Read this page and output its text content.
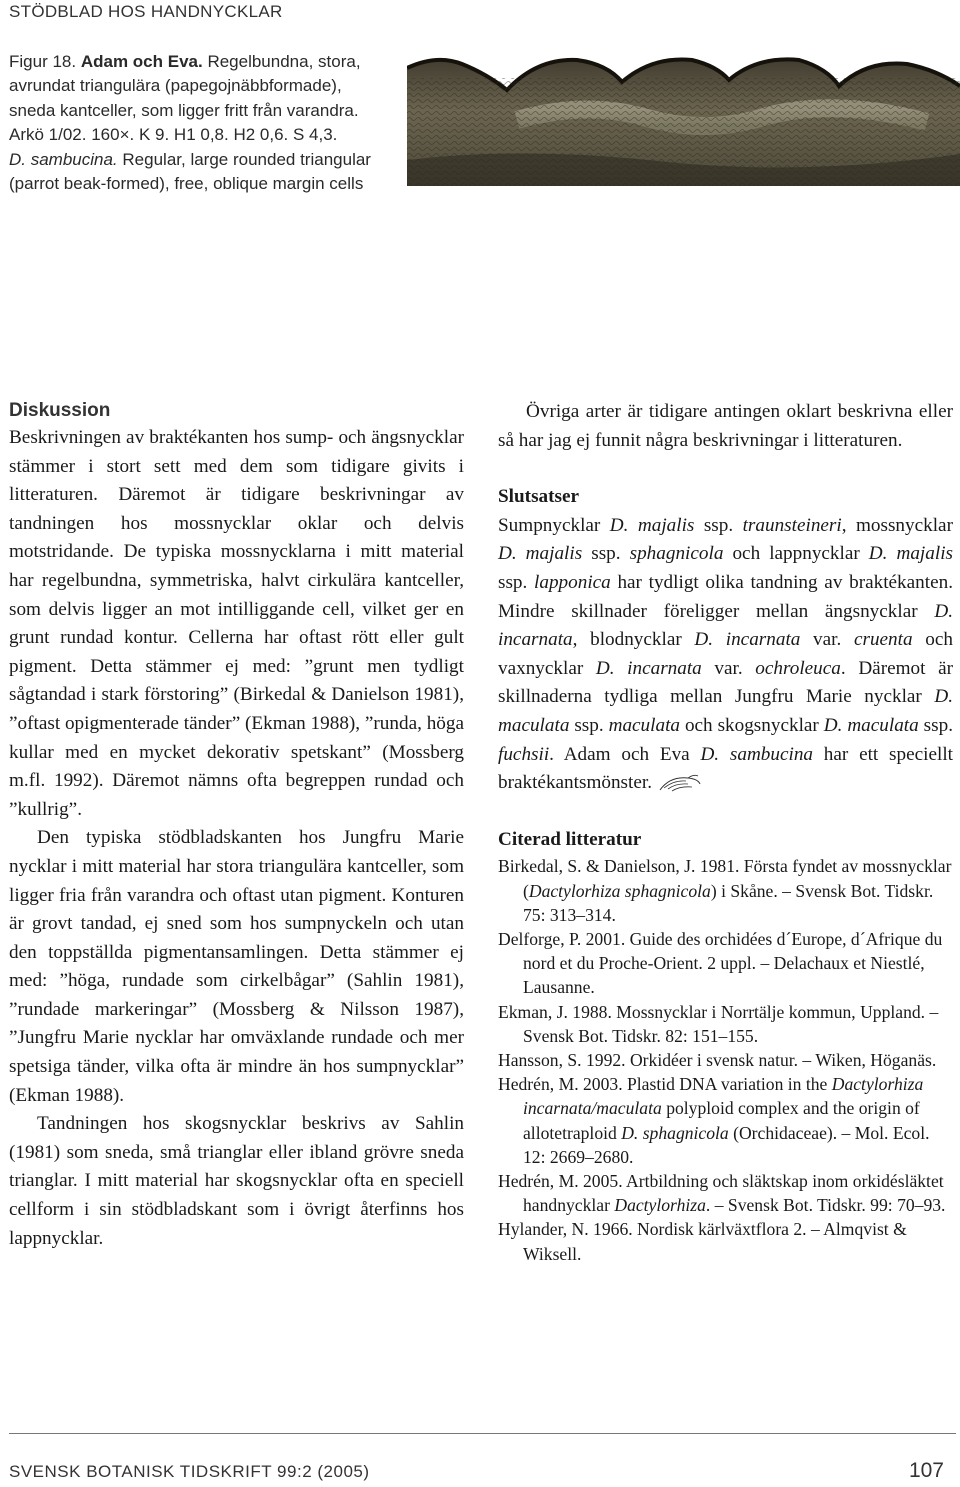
STÖDBLAD HOS HANDNYCKLAR

Figur 18. Adam och Eva. Regelbundna, stora, avrundat triangulära (papegojnäbbformade), sneda kantceller, som ligger fritt från varandra. Arkö 1/02. 160×. K 9. H1 0,8. H2 0,6. S 4,3.

D. sambucina. Regular, large rounded triangular (parrot beak-formed), free, oblique margin cells

Diskussion

Beskrivningen av braktékanten hos sump- och ängsnycklar stämmer i stort sett med dem som tidigare givits i litteraturen. Däremot är tidigare beskrivningar av tandningen hos mossnycklar oklar och delvis motstridande. De typiska mossnycklarna i mitt material har regelbundna, symmetriska, halvt cirkulära kantceller, som delvis ligger an mot intilliggande cell, vilket ger en grunt rundad kontur. Cellerna har oftast rött eller gult pigment. Detta stämmer ej med: ”grunt men tydligt sågtandad i stark förstoring” (Birkedal & Danielson 1981), ”oftast opigmenterade tänder” (Ekman 1988), ”runda, höga kullar med en mycket dekorativ spetskant” (Mossberg m.fl. 1992). Däremot nämns ofta begreppen rundad och ”kullrig”.

Den typiska stödbladskanten hos Jungfru Marie nycklar i mitt material har stora triangulära kantceller, som ligger fria från varandra och oftast utan pigment. Konturen är grovt tandad, ej sned som hos sumpnyckeln och utan den toppställda pigmentansamlingen. Detta stämmer ej med: ”höga, rundade som cirkelbågar” (Sahlin 1981), ”rundade markeringar” (Mossberg & Nilsson 1987), ”Jungfru Marie nycklar har omväxlande rundade och mer spetsiga tänder, vilka ofta är mindre än hos sumpnycklar” (Ekman 1988).

Tandningen hos skogsnycklar beskrivs av Sahlin (1981) som sneda, små trianglar eller ibland grövre sneda trianglar. I mitt material har skogsnycklar ofta en speciell cellform i sin stödbladskant som i övrigt återfinns hos lappnycklar.

Övriga arter är tidigare antingen oklart beskrivna eller så har jag ej funnit några beskrivningar i litteraturen.

Slutsatser

Sumpnycklar D. majalis ssp. traunsteineri, mossnycklar D. majalis ssp. sphagnicola och lappnycklar D. majalis ssp. lapponica har tydligt olika tandning av braktékanten. Mindre skillnader föreligger mellan ängsnycklar D. incarnata, blodnycklar D. incarnata var. cruenta och vaxnycklar D. incarnata var. ochroleuca. Däremot är skillnaderna tydliga mellan Jungfru Marie nycklar D. maculata ssp. maculata och skogsnycklar D. maculata ssp. fuchsii. Adam och Eva D. sambucina har ett speciellt braktékantsmönster.

Citerad litteratur
Birkedal, S. & Danielson, J. 1981. Första fyndet av mossnycklar (Dactylorhiza sphagnicola) i Skåne. – Svensk Bot. Tidskr. 75: 313–314.
Delforge, P. 2001. Guide des orchidées d´Europe, d´Afrique du nord et du Proche-Orient. 2 uppl. – Delachaux et Niestlé, Lausanne.
Ekman, J. 1988. Mossnycklar i Norrtälje kommun, Uppland. – Svensk Bot. Tidskr. 82: 151–155.
Hansson, S. 1992. Orkidéer i svensk natur. – Wiken, Höganäs.
Hedrén, M. 2003. Plastid DNA variation in the Dactylorhiza incarnata/maculata polyploid complex and the origin of allotetraploid D. sphagnicola (Orchidaceae). – Mol. Ecol. 12: 2669–2680.
Hedrén, M. 2005. Artbildning och släktskap inom orkidésläktet handnycklar Dactylorhiza. – Svensk Bot. Tidskr. 99: 70–93.
Hylander, N. 1966. Nordisk kärlväxtflora 2. – Almqvist & Wiksell.
SVENSK BOTANISK TIDSKRIFT 99:2 (2005)	107
